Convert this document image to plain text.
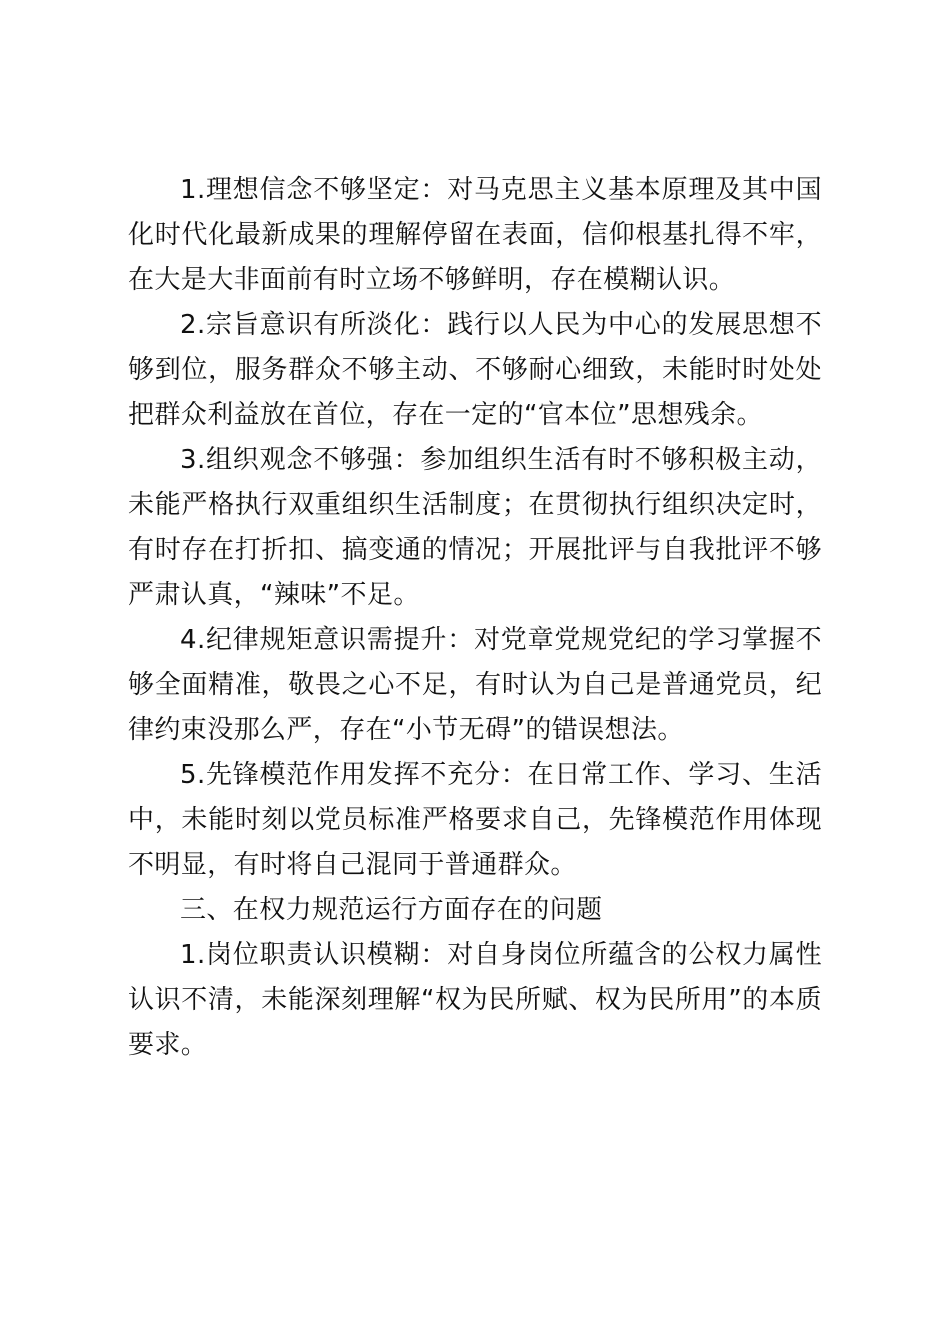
1.理想信念不够坚定：对马克思主义基本原理及其中国化时代化最新成果的理解停留在表面，信仰根基扎得不牢，在大是大非面前有时立场不够鲜明，存在模糊认识。

2.宗旨意识有所淡化：践行以人民为中心的发展思想不够到位，服务群众不够主动、不够耐心细致，未能时时处处把群众利益放在首位，存在一定的“官本位”思想残余。

3.组织观念不够强：参加组织生活有时不够积极主动，未能严格执行双重组织生活制度；在贯彻执行组织决定时，有时存在打折扣、搞变通的情况；开展批评与自我批评不够严肃认真，“辣味”不足。

4.纪律规矩意识需提升：对党章党规党纪的学习掌握不够全面精准，敬畏之心不足，有时认为自己是普通党员，纪律约束没那么严，存在“小节无碍”的错误想法。

5.先锋模范作用发挥不充分：在日常工作、学习、生活中，未能时刻以党员标准严格要求自己，先锋模范作用体现不明显，有时将自己混同于普通群众。

三、在权力规范运行方面存在的问题

1.岗位职责认识模糊：对自身岗位所蕴含的公权力属性认识不清，未能深刻理解“权为民所赋、权为民所用”的本质要求。
